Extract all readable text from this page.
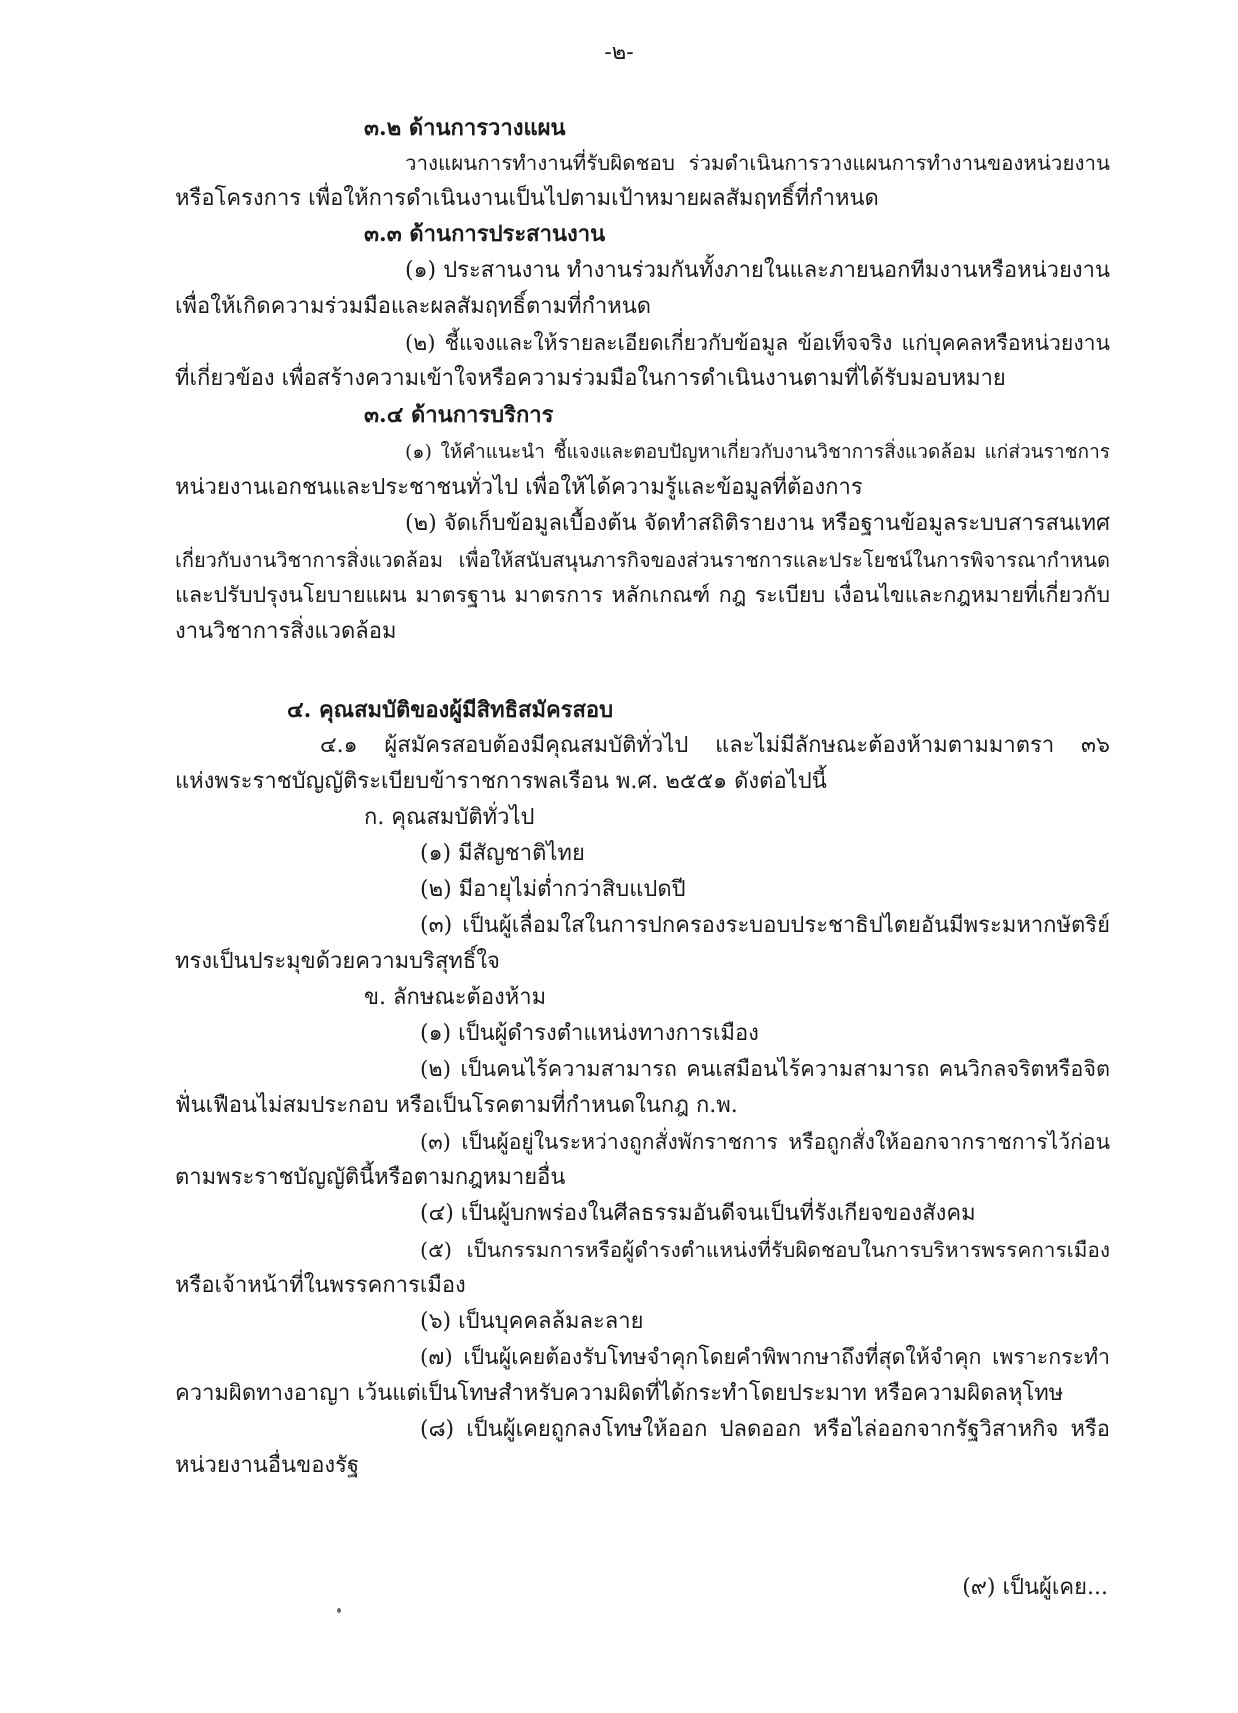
-๒-
๓.๒ ด้านการวางแผน
วางแผนการทำงานที่รับผิดชอบ ร่วมดำเนินการวางแผนการทำงานของหน่วยงาน
หรือโครงการ เพื่อให้การดำเนินงานเป็นไปตามเป้าหมายผลสัมฤทธิ์ที่กำหนด
๓.๓ ด้านการประสานงาน
(๑) ประสานงาน ทำงานร่วมกันทั้งภายในและภายนอกทีมงานหรือหน่วยงาน
เพื่อให้เกิดความร่วมมือและผลสัมฤทธิ์ตามที่กำหนด
(๒) ชี้แจงและให้รายละเอียดเกี่ยวกับข้อมูล ข้อเท็จจริง แก่บุคคลหรือหน่วยงาน
ที่เกี่ยวข้อง เพื่อสร้างความเข้าใจหรือความร่วมมือในการดำเนินงานตามที่ได้รับมอบหมาย
๓.๔ ด้านการบริการ
(๑) ให้คำแนะนำ ชี้แจงและตอบปัญหาเกี่ยวกับงานวิชาการสิ่งแวดล้อม แก่ส่วนราชการ
หน่วยงานเอกชนและประชาชนทั่วไป เพื่อให้ได้ความรู้และข้อมูลที่ต้องการ
(๒) จัดเก็บข้อมูลเบื้องต้น จัดทำสถิติรายงาน หรือฐานข้อมูลระบบสารสนเทศ
เกี่ยวกับงานวิชาการสิ่งแวดล้อม เพื่อให้สนับสนุนภารกิจของส่วนราชการและประโยชน์ในการพิจารณากำหนด
และปรับปรุงนโยบายแผน มาตรฐาน มาตรการ หลักเกณฑ์ กฎ ระเบียบ เงื่อนไขและกฎหมายที่เกี่ยวกับ
งานวิชาการสิ่งแวดล้อม
๔. คุณสมบัติของผู้มีสิทธิสมัครสอบ
๔.๑ ผู้สมัครสอบต้องมีคุณสมบัติทั่วไป และไม่มีลักษณะต้องห้ามตามมาตรา ๓๖
แห่งพระราชบัญญัติระเบียบข้าราชการพลเรือน พ.ศ. ๒๕๕๑ ดังต่อไปนี้
ก. คุณสมบัติทั่วไป
(๑) มีสัญชาติไทย
(๒) มีอายุไม่ต่ำกว่าสิบแปดปี
(๓) เป็นผู้เลื่อมใสในการปกครองระบอบประชาธิปไตยอันมีพระมหากษัตริย์
ทรงเป็นประมุขด้วยความบริสุทธิ์ใจ
ข. ลักษณะต้องห้าม
(๑) เป็นผู้ดำรงตำแหน่งทางการเมือง
(๒) เป็นคนไร้ความสามารถ คนเสมือนไร้ความสามารถ คนวิกลจริตหรือจิต
ฟั่นเฟือนไม่สมประกอบ หรือเป็นโรคตามที่กำหนดในกฎ ก.พ.
(๓) เป็นผู้อยู่ในระหว่างถูกสั่งพักราชการ หรือถูกสั่งให้ออกจากราชการไว้ก่อน
ตามพระราชบัญญัตินี้หรือตามกฎหมายอื่น
(๔) เป็นผู้บกพร่องในศีลธรรมอันดีจนเป็นที่รังเกียจของสังคม
(๕) เป็นกรรมการหรือผู้ดำรงตำแหน่งที่รับผิดชอบในการบริหารพรรคการเมือง
หรือเจ้าหน้าที่ในพรรคการเมือง
(๖) เป็นบุคคลล้มละลาย
(๗) เป็นผู้เคยต้องรับโทษจำคุกโดยคำพิพากษาถึงที่สุดให้จำคุก เพราะกระทำ
ความผิดทางอาญา เว้นแต่เป็นโทษสำหรับความผิดที่ได้กระทำโดยประมาท หรือความผิดลหุโทษ
(๘) เป็นผู้เคยถูกลงโทษให้ออก ปลดออก หรือไล่ออกจากรัฐวิสาหกิจ หรือ
หน่วยงานอื่นของรัฐ
(๙) เป็นผู้เคย...
